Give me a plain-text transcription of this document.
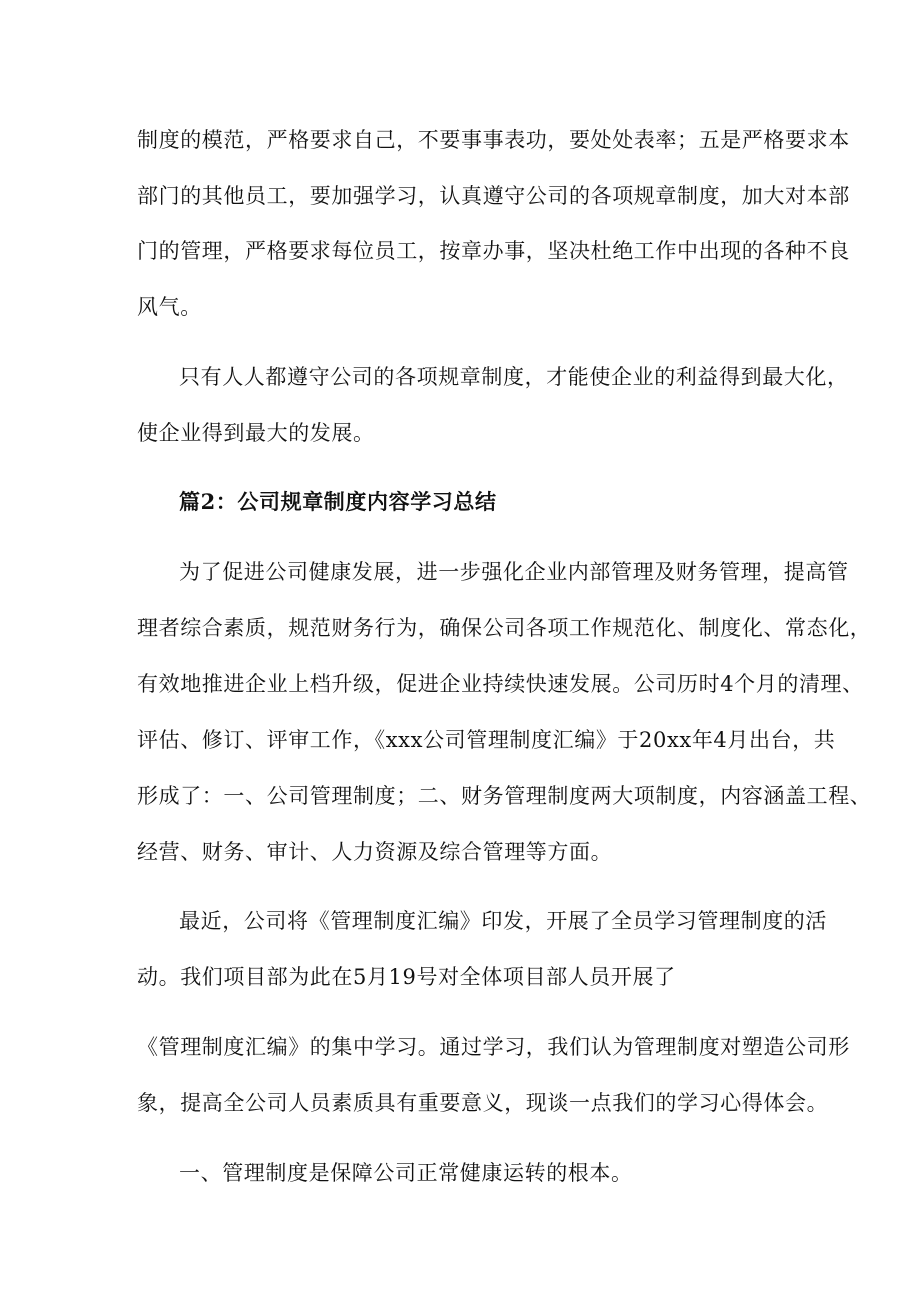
制度的模范，严格要求自己，不要事事表功，要处处表率；五是严格要求本
部门的其他员工，要加强学习，认真遵守公司的各项规章制度，加大对本部
门的管理，严格要求每位员工，按章办事，坚决杜绝工作中出现的各种不良
风气。
只有人人都遵守公司的各项规章制度，才能使企业的利益得到最大化，
使企业得到最大的发展。
篇2：公司规章制度内容学习总结
为了促进公司健康发展，进一步强化企业内部管理及财务管理，提高管
理者综合素质，规范财务行为，确保公司各项工作规范化、制度化、常态化，
有效地推进企业上档升级，促进企业持续快速发展。公司历时4个月的清理、
评估、修订、评审工作，《xxx公司管理制度汇编》于20xx年4月出台，共
形成了：一、公司管理制度；二、财务管理制度两大项制度，内容涵盖工程、
经营、财务、审计、人力资源及综合管理等方面。
最近，公司将《管理制度汇编》印发，开展了全员学习管理制度的活
动。我们项目部为此在5月19号对全体项目部人员开展了
《管理制度汇编》的集中学习。通过学习，我们认为管理制度对塑造公司形
象，提高全公司人员素质具有重要意义，现谈一点我们的学习心得体会。
一、管理制度是保障公司正常健康运转的根本。
